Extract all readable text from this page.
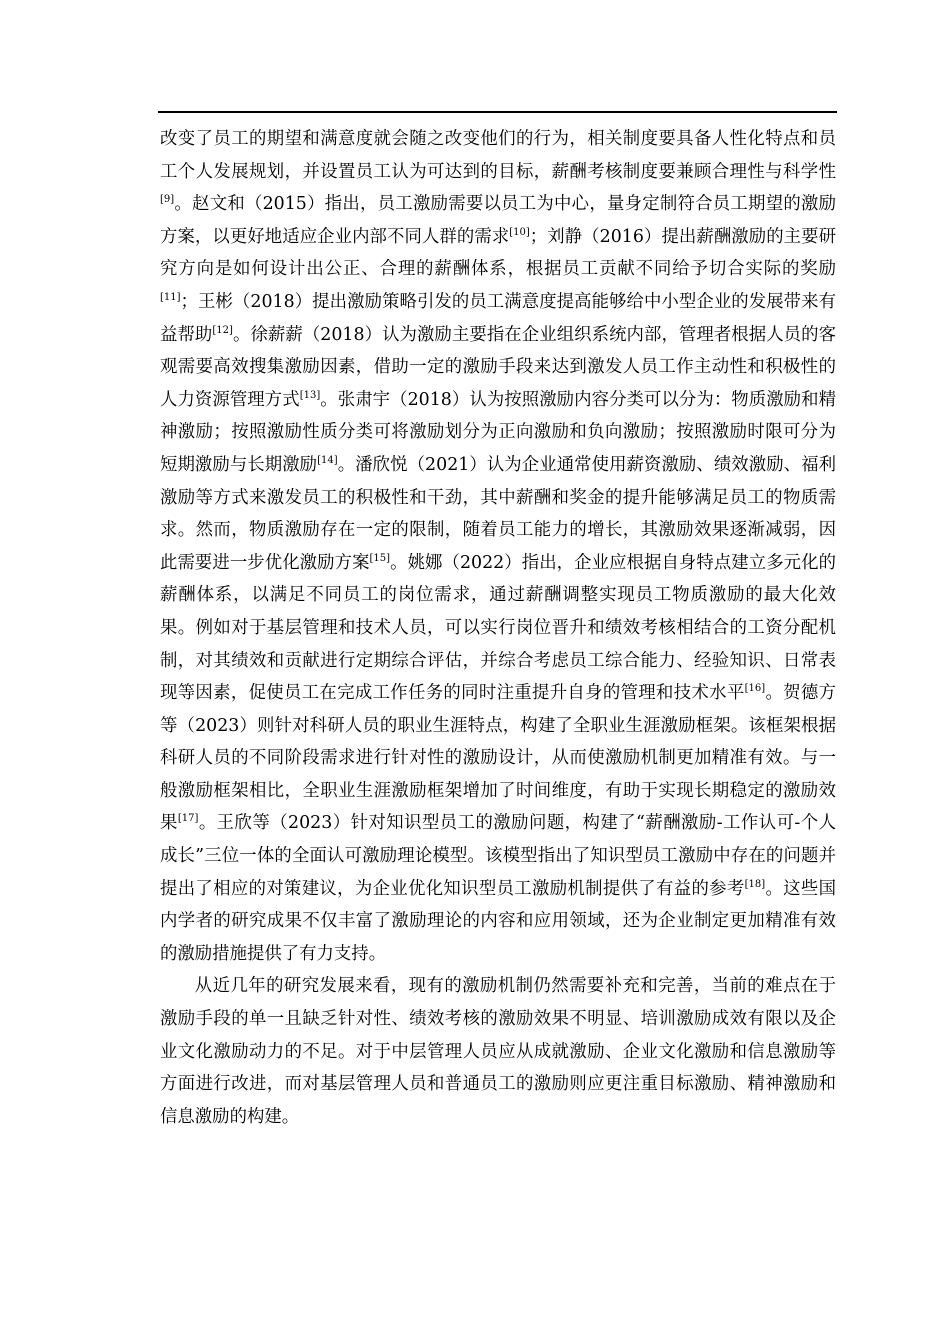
改变了员工的期望和满意度就会随之改变他们的行为，相关制度要具备人性化特点和员工个人发展规划，并设置员工认为可达到的目标，薪酬考核制度要兼顾合理性与科学性[9]。赵文和（2015）指出，员工激励需要以员工为中心，量身定制符合员工期望的激励方案，以更好地适应企业内部不同人群的需求[10]；刘静（2016）提出薪酬激励的主要研究方向是如何设计出公正、合理的薪酬体系，根据员工贡献不同给予切合实际的奖励[11]；王彬（2018）提出激励策略引发的员工满意度提高能够给中小型企业的发展带来有益帮助[12]。徐薪薪（2018）认为激励主要指在企业组织系统内部，管理者根据人员的客观需要高效搜集激励因素，借助一定的激励手段来达到激发人员工作主动性和积极性的人力资源管理方式[13]。张肃宇（2018）认为按照激励内容分类可以分为：物质激励和精神激励；按照激励性质分类可将激励划分为正向激励和负向激励；按照激励时限可分为短期激励与长期激励[14]。潘欣悦（2021）认为企业通常使用薪资激励、绩效激励、福利激励等方式来激发员工的积极性和干劲，其中薪酬和奖金的提升能够满足员工的物质需求。然而，物质激励存在一定的限制，随着员工能力的增长，其激励效果逐渐减弱，因此需要进一步优化激励方案[15]。姚娜（2022）指出，企业应根据自身特点建立多元化的薪酬体系，以满足不同员工的岗位需求，通过薪酬调整实现员工物质激励的最大化效果。例如对于基层管理和技术人员，可以实行岗位晋升和绩效考核相结合的工资分配机制，对其绩效和贡献进行定期综合评估，并综合考虑员工综合能力、经验知识、日常表现等因素，促使员工在完成工作任务的同时注重提升自身的管理和技术水平[16]。贺德方等（2023）则针对科研人员的职业生涯特点，构建了全职业生涯激励框架。该框架根据科研人员的不同阶段需求进行针对性的激励设计，从而使激励机制更加精准有效。与一般激励框架相比，全职业生涯激励框架增加了时间维度，有助于实现长期稳定的激励效果[17]。王欣等（2023）针对知识型员工的激励问题，构建了“薪酬激励-工作认可-个人成长”三位一体的全面认可激励理论模型。该模型指出了知识型员工激励中存在的问题并提出了相应的对策建议，为企业优化知识型员工激励机制提供了有益的参考[18]。这些国内学者的研究成果不仅丰富了激励理论的内容和应用领域，还为企业制定更加精准有效的激励措施提供了有力支持。

从近几年的研究发展来看，现有的激励机制仍然需要补充和完善，当前的难点在于激励手段的单一且缺乏针对性、绩效考核的激励效果不明显、培训激励成效有限以及企业文化激励动力的不足。对于中层管理人员应从成就激励、企业文化激励和信息激励等方面进行改进，而对基层管理人员和普通员工的激励则应更注重目标激励、精神激励和信息激励的构建。
